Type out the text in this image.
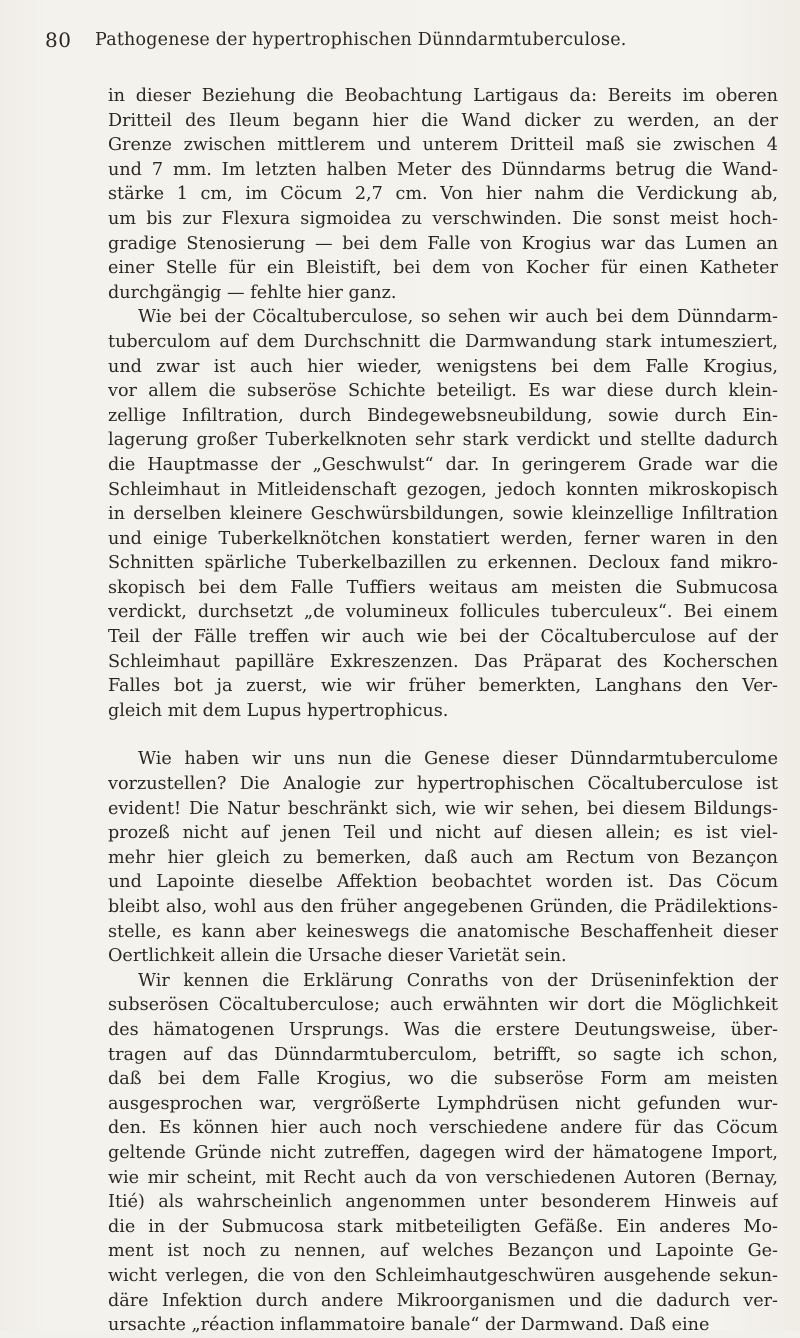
80 Pathogenese der hypertrophischen Dünndarmtuberculose.
in dieser Beziehung die Beobachtung Lartigaus da: Bereits im oberen
Dritteil des Ileum begann hier die Wand dicker zu werden, an der
Grenze zwischen mittlerem und unterem Dritteil maß sie zwischen 4
und 7 mm. Im letzten halben Meter des Dünndarms betrug die Wand-
stärke 1 cm, im Cöcum 2,7 cm. Von hier nahm die Verdickung ab,
um bis zur Flexura sigmoidea zu verschwinden. Die sonst meist hoch-
gradige Stenosierung — bei dem Falle von Krogius war das Lumen an
einer Stelle für ein Bleistift, bei dem von Kocher für einen Katheter
durchgängig — fehlte hier ganz.
Wie bei der Cöcaltuberculose, so sehen wir auch bei dem Dünndarm-
tuberculom auf dem Durchschnitt die Darmwandung stark intumesziert,
und zwar ist auch hier wieder, wenigstens bei dem Falle Krogius,
vor allem die subseröse Schichte beteiligt. Es war diese durch klein-
zellige Infiltration, durch Bindegewebsneubildung, sowie durch Ein-
lagerung großer Tuberkelknoten sehr stark verdickt und stellte dadurch
die Hauptmasse der „Geschwulst“ dar. In geringerem Grade war die
Schleimhaut in Mitleidenschaft gezogen, jedoch konnten mikroskopisch
in derselben kleinere Geschwürsbildungen, sowie kleinzellige Infiltration
und einige Tuberkelknötchen konstatiert werden, ferner waren in den
Schnitten spärliche Tuberkelbazillen zu erkennen. Decloux fand mikro-
skopisch bei dem Falle Tuffiers weitaus am meisten die Submucosa
verdickt, durchsetzt „de volumineux follicules tuberculeux“. Bei einem
Teil der Fälle treffen wir auch wie bei der Cöcaltuberculose auf der
Schleimhaut papilläre Exkreszenzen. Das Präparat des Kocherschen
Falles bot ja zuerst, wie wir früher bemerkten, Langhans den Ver-
gleich mit dem Lupus hypertrophicus.
Wie haben wir uns nun die Genese dieser Dünndarmtuberculome
vorzustellen? Die Analogie zur hypertrophischen Cöcaltuberculose ist
evident! Die Natur beschränkt sich, wie wir sehen, bei diesem Bildungs-
prozeß nicht auf jenen Teil und nicht auf diesen allein; es ist viel-
mehr hier gleich zu bemerken, daß auch am Rectum von Bezançon
und Lapointe dieselbe Affektion beobachtet worden ist. Das Cöcum
bleibt also, wohl aus den früher angegebenen Gründen, die Prädilektions-
stelle, es kann aber keineswegs die anatomische Beschaffenheit dieser
Oertlichkeit allein die Ursache dieser Varietät sein.
Wir kennen die Erklärung Conraths von der Drüseninfektion der
subserösen Cöcaltuberculose; auch erwähnten wir dort die Möglichkeit
des hämatogenen Ursprungs. Was die erstere Deutungsweise, über-
tragen auf das Dünndarmtuberculom, betrifft, so sagte ich schon,
daß bei dem Falle Krogius, wo die subseröse Form am meisten
ausgesprochen war, vergrößerte Lymphdrüsen nicht gefunden wur-
den. Es können hier auch noch verschiedene andere für das Cöcum
geltende Gründe nicht zutreffen, dagegen wird der hämatogene Import,
wie mir scheint, mit Recht auch da von verschiedenen Autoren (Bernay,
Itié) als wahrscheinlich angenommen unter besonderem Hinweis auf
die in der Submucosa stark mitbeteiligten Gefäße. Ein anderes Mo-
ment ist noch zu nennen, auf welches Bezançon und Lapointe Ge-
wicht verlegen, die von den Schleimhautgeschwüren ausgehende sekun-
däre Infektion durch andere Mikroorganismen und die dadurch ver-
ursachte „réaction inflammatoire banale“ der Darmwand. Daß eine
